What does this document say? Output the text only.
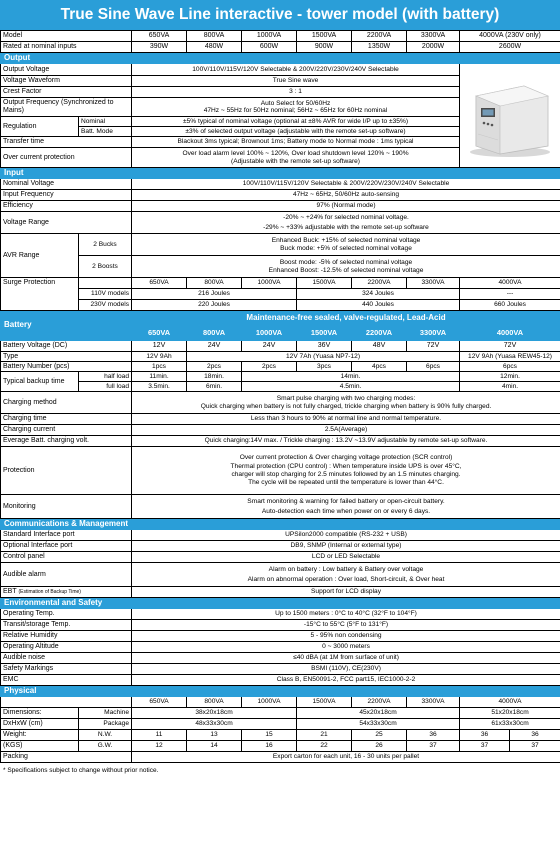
True Sine Wave Line interactive - tower model (with battery)
Model		650VA	800VA	1000VA	1500VA	2200VA	3300VA	4000VA (230V only)	
Rated at nominal inputs		390W	480W	600W	900W	1350W	2000W	2600W	
Output									
Output Voltage		100V/110V/115V/120V Selectable & 200V/220V/230V/240V Selectable	

Voltage Waveform		True Sine wave							
Crest Factor		3 : 1							
Output Frequency (Synchronized to Mains)		Auto Select for 50/60Hz
47Hz ~ 55Hz for 50Hz nominal; 56Hz ~ 65Hz for 60Hz nominal							

Regulation	Nominal	±5% typical of nominal voltage (optional at ±8% AVR for wide I/P up to ±35%)							
	Batt. Mode	±3% of selected output voltage (adjustable with the remote set-up software)							
Transfer time		Blackout 3ms typical; Brownout 1ms; Battery mode to Normal mode : 1ms typical							
Over current protection		Over load alarm level 100% ~ 120%, Over load shutdown level 120% ~ 190%
(Adjustable with the remote set-up software)							

Input									
Nominal Voltage		100V/110V/115V/120V Selectable & 200V/220V/230V/240V Selectable							
Input Frequency		47Hz ~ 65Hz, 50/60Hz auto-sensing							
Efficiency		97% (Normal mode)							
Voltage Range		-20% ~ +24% for selected nominal voltage.
-29% ~ +33% adjustable with the remote set-up software							

AVR Range	2 Bucks	Enhanced Buck: +15% of selected nominal voltage
Buck mode: +5% of selected nominal voltage							

	2 Boosts	Boost mode: -5% of selected nominal voltage
Enhanced Boost: -12.5% of selected nominal voltage							

Surge Protection		650VA	800VA	1000VA	1500VA	2200VA	3300VA	4000VA	
	110V models	216 Joules			324 Joules			---	
	230V models	220 Joules			440 Joules			660 Joules	
Battery		Maintenance-free sealed, valve-regulated, Lead-Acid							
		650VA	800VA	1000VA	1500VA	2200VA	3300VA	4000VA	
Battery Voltage (DC)		12V	24V	24V	36V	48V	72V	72V	
Type		12V 9Ah	12V 7Ah (Yuasa NP7-12)					12V 9Ah (Yuasa REW45-12)	
Battery Number (pcs)		1pcs	2pcs	2pcs	3pcs	4pcs	6pcs	6pcs	
Typical backup time	half load	11min.	18min.	14min.				12min.	
	full load	3.5min.	6min.	4.5min.				4min.	
Charging method		Smart pulse charging with two charging modes:
Quick charging when battery is not fully charged, trickle charging when battery is 90% fully charged.							

Charging time		Less than 3 hours to 90% at normal line and normal temperature.							
Charging current		2.5A(Average)							
Everage Batt. charging volt.		Quick charging:14V max. / Trickle charging : 13.2V ~13.9V adjustable by remote set-up software.							
Protection		Over current protection & Over charging voltage protection (SCR control)
Thermal protection (CPU control) : When temperature inside UPS is over 45°C,
charger will stop charging for 2.5 minutes followed by an 1.5 minutes charging.
The cycle will be repeated until the temperature is lower than 44°C.							

Monitoring		Smart monitoring & warning for failed battery or open-circuit battery.
Auto-detection each time when power on or every 6 days.							

Communications & Management									
Standard Interface port		UPSilon2000 compatible (RS-232 + USB)							
Optional Interface port		DB9, SNMP (Internal or external type)							
Control panel		LCD or LED Selectable							
Audible alarm		Alarm on battery : Low battery & Battery over voltage
Alarm on abnormal operation : Over load, Short-circuit, & Over heat							

EBT (Estimation of Backup Time)		Support for LCD display							
Environmental and Safety									
Operating Temp.		Up to 1500 meters : 0°C to 40°C (32°F to 104°F)							
Transit/storage Temp.		-15°C to 55°C (5°F to 131°F)							
Relative Humidity		5 - 95% non condensing							
Operating Altitude		0 ~ 3000 meters							
Audible noise		≤40 dBA (at 1M from surface of unit)							
Safety Markings		BSMI (110V), CE(230V)							
EMC		Class B, EN50091-2, FCC part15, IEC1000-2-2							
Physical									
		650VA	800VA	1000VA	1500VA	2200VA	3300VA	4000VA	
Dimensions:	Machine	38x20x18cm			45x20x18cm			51x20x18cm	
DxHxW (cm)	Package	48x33x30cm			54x33x30cm			61x33x30cm	
Weight:	N.W.	11	13	15	21	25	36	36	36
(KGS)	G.W.	12	14	16	22	26	37	37	37
Packing		Export carton for each unit, 16 - 30 units per pallet							
* Specifications subject to change without prior notice.
